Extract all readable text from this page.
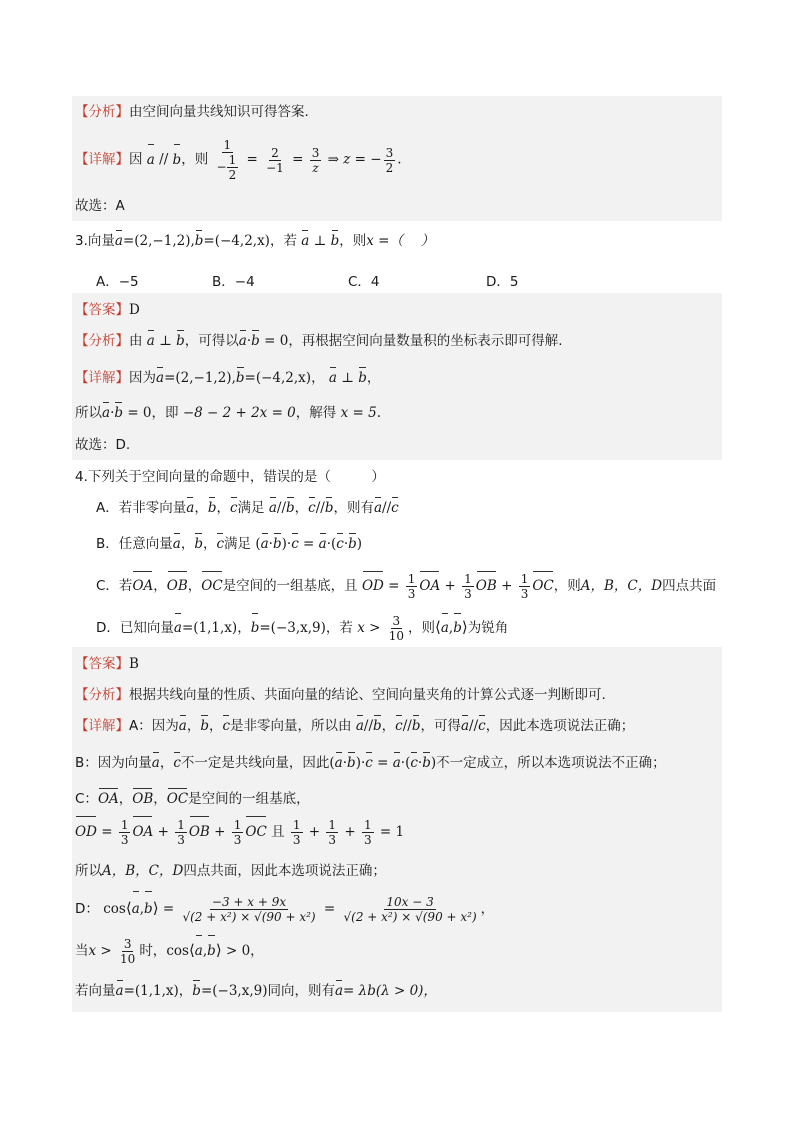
【分析】由空间向量共线知识可得答案.
【详解】因 a // b，则 $\frac{1}{- \frac{1}{2}} = \frac{2}{-1} = \frac{3}{z}$ ⇒ z = − $\frac{3}{2}$ .
故选：A
3.向量a=(2,−1,2),b=(−4,2,x)，若 a ⊥ b，则x =（　 ）
A．−5	B．−4	C．4	D．5
【答案】D
【分析】由 a ⊥ b，可得以a·b = 0，再根据空间向量数量积的坐标表示即可得解.
【详解】因为a=(2,−1,2),b=(−4,2,x)， a ⊥ b，
所以a·b = 0，即 −8 − 2 + 2x = 0，解得 x = 5.
故选：D.
4.下列关于空间向量的命题中，错误的是（　　　）
A．若非零向量a，b，c满足 a//b，c//b，则有a//c
B．任意向量a，b，c满足 (a·b)·c = a·(c·b)
C．若OA，OB，OC是空间的一组基底，且 OD = $\frac{1}{3}$ OA + $\frac{1}{3}$ OB + $\frac{1}{3}$ OC，则A，B，C，D四点共面
D．已知向量a=(1,1,x)，b=(−3,x,9)，若 $x > \frac{3}{10}$ ，则⟨a,b⟩为锐角
【答案】B
【分析】根据共线向量的性质、共面向量的结论、空间向量夹角的计算公式逐一判断即可.
【详解】A：因为a，b，c是非零向量，所以由 a//b，c//b，可得a//c，因此本选项说法正确；
B：因为向量a，c不一定是共线向量，因此(a·b)·c = a·(c·b)不一定成立，所以本选项说法不正确；
C：OA，OB，OC是空间的一组基底，
OD = $\frac{1}{3}$ OA + $\frac{1}{3}$ OB + $\frac{1}{3}$ OC 且 $\frac{1}{3} + \frac{1}{3} + \frac{1}{3} = 1$
所以A，B，C，D四点共面，因此本选项说法正确；
D： cos⟨a,b⟩ = $\frac{-3 + x + 9x}{\text{√(2 + x²) × √(90 + x²)}} = \frac{10x - 3}{\text{√(2 + x²) × √(90 + x²)}}$ ，
当$x > \frac{3}{10}$ 时，cos⟨a,b⟩ > 0，
若向量a=(1,1,x)，b=(−3,x,9)同向，则有a= λb(λ > 0)，
